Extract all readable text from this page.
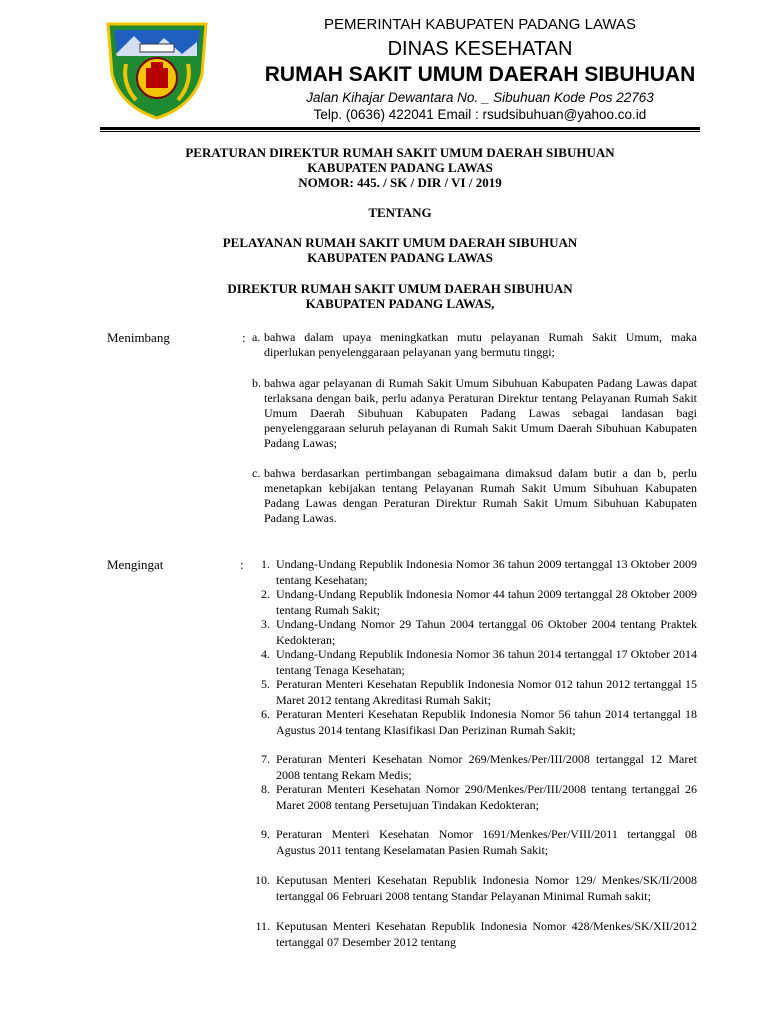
PEMERINTAH KABUPATEN PADANG LAWAS
DINAS KESEHATAN
RUMAH SAKIT UMUM DAERAH SIBUHUAN
Jalan Kihajar Dewantara No. _ Sibuhuan Kode Pos 22763
Telp. (0636) 422041 Email : rsudsibuhuan@yahoo.co.id
PERATURAN DIREKTUR RUMAH SAKIT UMUM DAERAH SIBUHUAN
KABUPATEN PADANG LAWAS
NOMOR: 445. / SK / DIR / VI / 2019
TENTANG
PELAYANAN RUMAH SAKIT UMUM DAERAH SIBUHUAN
KABUPATEN PADANG LAWAS
DIREKTUR RUMAH SAKIT UMUM DAERAH SIBUHUAN
KABUPATEN PADANG LAWAS,
Menimbang	: a. bahwa dalam upaya meningkatkan mutu pelayanan Rumah Sakit Umum, maka diperlukan penyelenggaraan pelayanan yang bermutu tinggi;
b. bahwa agar pelayanan di Rumah Sakit Umum Sibuhuan Kabupaten Padang Lawas dapat terlaksana dengan baik, perlu adanya Peraturan Direktur tentang Pelayanan Rumah Sakit Umum Daerah Sibuhuan Kabupaten Padang Lawas sebagai landasan bagi penyelenggaraan seluruh pelayanan di Rumah Sakit Umum Daerah Sibuhuan Kabupaten Padang Lawas;
c. bahwa berdasarkan pertimbangan sebagaimana dimaksud dalam butir a dan b, perlu menetapkan kebijakan tentang Pelayanan Rumah Sakit Umum Sibuhuan Kabupaten Padang Lawas dengan Peraturan Direktur Rumah Sakit Umum Sibuhuan Kabupaten Padang Lawas.
Mengingat	:	1. Undang-Undang Republik Indonesia Nomor 36 tahun 2009 tertanggal 13 Oktober 2009 tentang Kesehatan;
2. Undang-Undang Republik Indonesia Nomor 44 tahun 2009 tertanggal 28 Oktober 2009 tentang Rumah Sakit;
3. Undang-Undang Nomor 29 Tahun 2004 tertanggal 06 Oktober 2004 tentang Praktek Kedokteran;
4. Undang-Undang Republik Indonesia Nomor 36 tahun 2014 tertanggal 17 Oktober 2014 tentang Tenaga Kesehatan;
5. Peraturan Menteri Kesehatan Republik Indonesia Nomor 012 tahun 2012 tertanggal 15 Maret 2012 tentang Akreditasi Rumah Sakit;
6. Peraturan Menteri Kesehatan Republik Indonesia Nomor 56 tahun 2014 tertanggal 18 Agustus 2014 tentang Klasifikasi Dan Perizinan Rumah Sakit;
7. Peraturan Menteri Kesehatan Nomor 269/Menkes/Per/III/2008 tertanggal 12 Maret 2008 tentang Rekam Medis;
8. Peraturan Menteri Kesehatan Nomor 290/Menkes/Per/III/2008 tentang tertanggal 26 Maret 2008 tentang Persetujuan Tindakan Kedokteran;
9. Peraturan Menteri Kesehatan Nomor 1691/Menkes/Per/VIII/2011 tertanggal 08 Agustus 2011 tentang Keselamatan Pasien Rumah Sakit;
10. Keputusan Menteri Kesehatan Republik Indonesia Nomor 129/ Menkes/SK/II/2008 tertanggal 06 Februari 2008 tentang Standar Pelayanan Minimal Rumah sakit;
11. Keputusan Menteri Kesehatan Republik Indonesia Nomor 428/Menkes/SK/XII/2012 tertanggal 07 Desember 2012 tentang
